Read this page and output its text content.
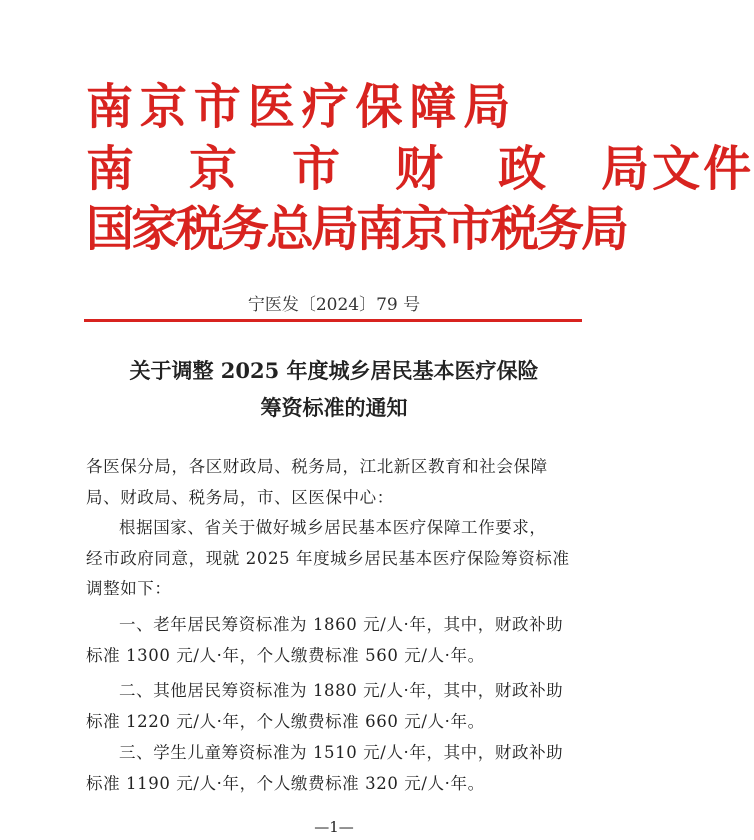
南京市医疗保障局
南 京 市 财 政 局文件
国家税务总局南京市税务局
宁医发〔2024〕79 号
关于调整 2025 年度城乡居民基本医疗保险
筹资标准的通知
各医保分局，各区财政局、税务局，江北新区教育和社会保障
局、财政局、税务局，市、区医保中心：
根据国家、省关于做好城乡居民基本医疗保障工作要求，
经市政府同意，现就 2025 年度城乡居民基本医疗保险筹资标准
调整如下：
一、老年居民筹资标准为 1860 元/人·年，其中，财政补助
标准 1300 元/人·年，个人缴费标准 560 元/人·年。
二、其他居民筹资标准为 1880 元/人·年，其中，财政补助
标准 1220 元/人·年，个人缴费标准 660 元/人·年。
三、学生儿童筹资标准为 1510 元/人·年，其中，财政补助
标准 1190 元/人·年，个人缴费标准 320 元/人·年。
—1—
